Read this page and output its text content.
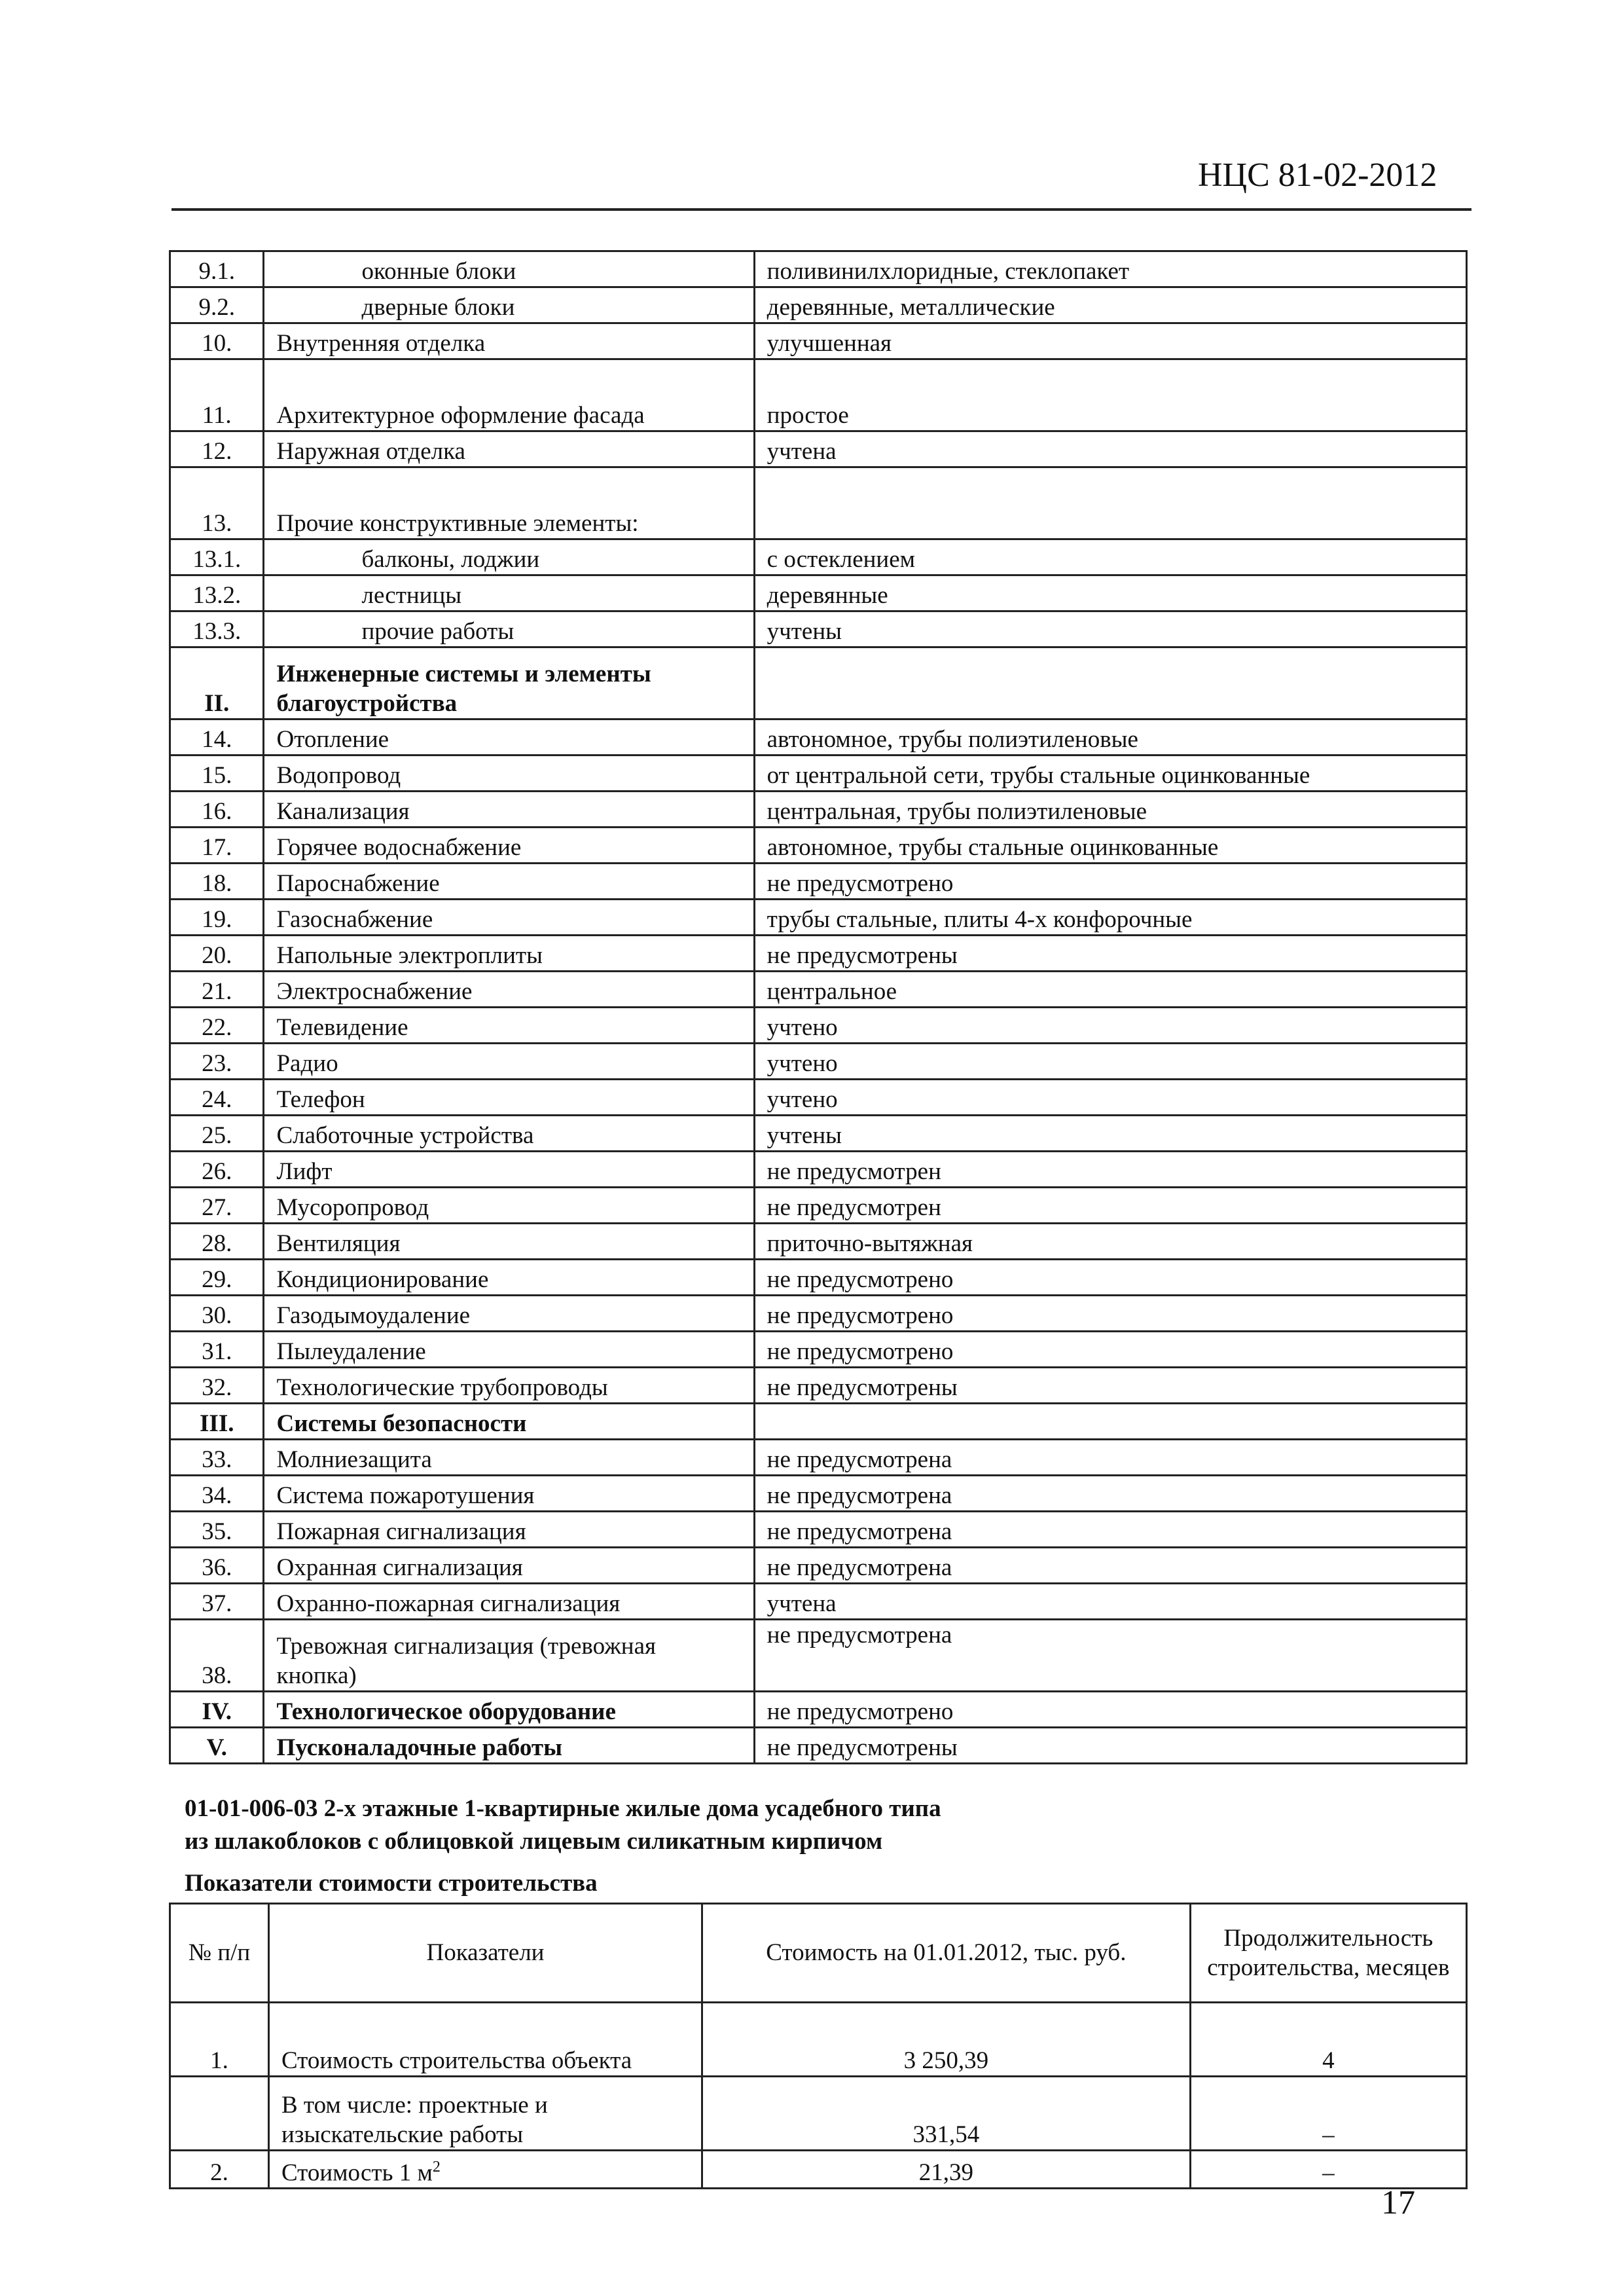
НЦС 81-02-2012
9.1.	оконные блоки	поливинилхлоридные, стеклопакет
9.2.	дверные блоки	деревянные, металлические
10.	Внутренняя отделка	улучшенная
11.	Архитектурное оформление фасада	простое
12.	Наружная отделка	учтена
13.	Прочие конструктивные элементы:	
13.1.	балконы, лоджии	с остеклением
13.2.	лестницы	деревянные
13.3.	прочие работы	учтены
II.	Инженерные системы и элементы благоустройства	
14.	Отопление	автономное, трубы полиэтиленовые
15.	Водопровод	от центральной сети, трубы стальные оцинкованные
16.	Канализация	центральная, трубы полиэтиленовые
17.	Горячее водоснабжение	автономное, трубы стальные оцинкованные
18.	Пароснабжение	не предусмотрено
19.	Газоснабжение	трубы стальные, плиты 4-х конфорочные
20.	Напольные электроплиты	не предусмотрены
21.	Электроснабжение	центральное
22.	Телевидение	учтено
23.	Радио	учтено
24.	Телефон	учтено
25.	Слаботочные устройства	учтены
26.	Лифт	не предусмотрен
27.	Мусоропровод	не предусмотрен
28.	Вентиляция	приточно-вытяжная
29.	Кондиционирование	не предусмотрено
30.	Газодымоудаление	не предусмотрено
31.	Пылеудаление	не предусмотрено
32.	Технологические трубопроводы	не предусмотрены
III.	Системы безопасности	
33.	Молниезащита	не предусмотрена
34.	Система пожаротушения	не предусмотрена
35.	Пожарная сигнализация	не предусмотрена
36.	Охранная сигнализация	не предусмотрена
37.	Охранно-пожарная сигнализация	учтена
38.	Тревожная сигнализация (тревожная кнопка)	не предусмотрена
IV.	Технологическое оборудование	не предусмотрено
V.	Пусконаладочные работы	не предусмотрены
01-01-006-03 2-х этажные 1-квартирные жилые дома усадебного типа
из шлакоблоков с облицовкой лицевым силикатным кирпичом
Показатели стоимости строительства
№ п/п	Показатели	Стоимость на 01.01.2012, тыс. руб.	Продолжительность строительства, месяцев
1.	Стоимость строительства объекта	3 250,39	4
	В том числе: проектные и изыскательские работы	331,54	–
2.	Стоимость 1 $м^2$	21,39	–
17
